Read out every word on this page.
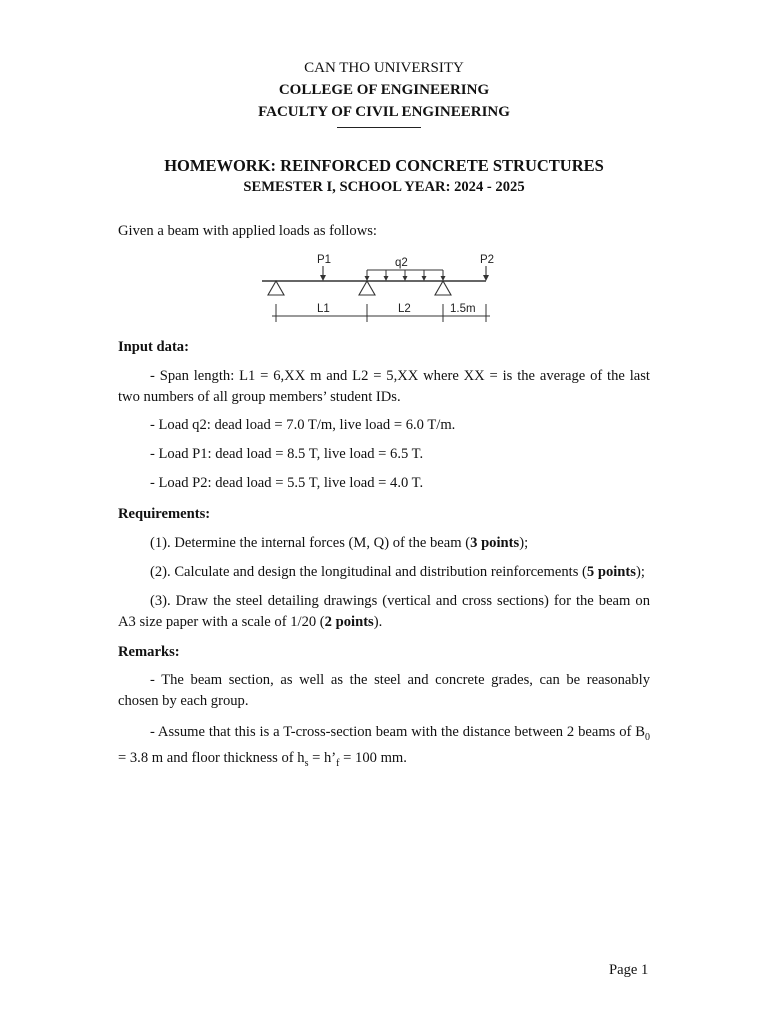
CAN THO UNIVERSITY
COLLEGE OF ENGINEERING
FACULTY OF CIVIL ENGINEERING
HOMEWORK: REINFORCED CONCRETE STRUCTURES
SEMESTER I, SCHOOL YEAR: 2024 - 2025

Given a beam with applied loads as follows:

P1	q2	P2
L1	L2	1.5m

Input data:

- Span length: L1 = 6,XX m and L2 = 5,XX where XX = is the average of the last two numbers of all group members’ student IDs.

- Load q2: dead load = 7.0 T/m, live load = 6.0 T/m.

- Load P1: dead load = 8.5 T, live load = 6.5 T.

- Load P2: dead load = 5.5 T, live load = 4.0 T.

Requirements:

(1). Determine the internal forces (M, Q) of the beam (3 points);

(2). Calculate and design the longitudinal and distribution reinforcements (5 points);

(3). Draw the steel detailing drawings (vertical and cross sections) for the beam on A3 size paper with a scale of 1/20 (2 points).

Remarks:

- The beam section, as well as the steel and concrete grades, can be reasonably chosen by each group.

- Assume that this is a T-cross-section beam with the distance between 2 beams of $B_0 = 3.8$ m and floor thickness of $h_s$ = $h’_f = 100$ mm.

Page 1
